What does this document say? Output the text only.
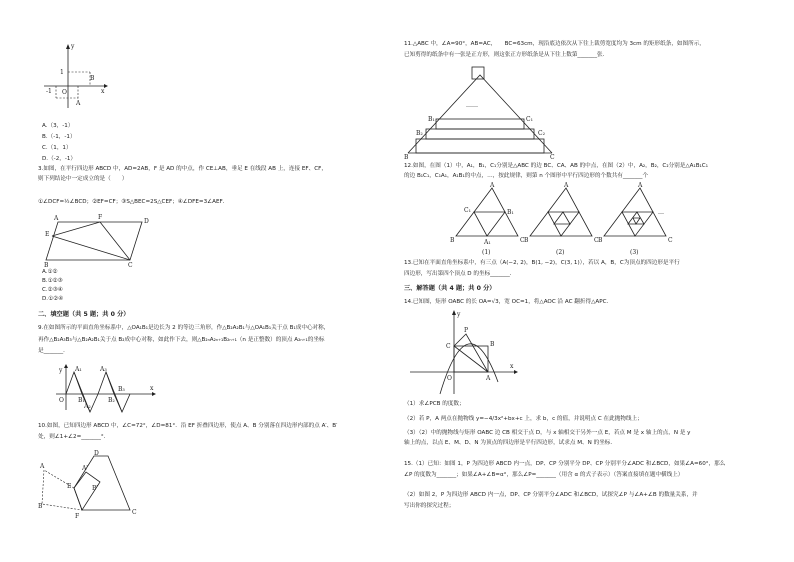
y
x
B
O
A
-1
1
A.（3，-1）
B.（-1，-1）
C.（1，1）
D.（-2，-1）
3.如图，在平行四边形 ABCD 中，AD=2AB，F 是 AD 的中点，作 CE⊥AB，垂足 E 在线段 AB 上，连接 EF、CF，
则下列结论中一定成立的是（　　）
①∠DCF=½∠BCD；②EF=CF；③S△BEC=2S△CEF；④∠DFE=3∠AEF．
A	F
D
E
B	C
A.①②
B.①②③
C.②③④
D.①②④
二、填空题（共 5 题；共 0 分）
9.在如图所示的平面直角坐标系中，△OA₁B₁是边长为 2 的等边三角形，作△B₂A₂B₁与△OA₁B₁关于点 B₁成中心对称，
再作△B₂A₃B₃与△B₂A₂B₁关于点 B₂成中心对称，如此作下去，则△B₂ₙA₂ₙ₊₁B₂ₙ₊₁（n 是正整数）的顶点 A₂ₙ₊₁的坐标
是_______．
y
x
O
A₁
A₂
A₃
B₁	B₂
B₃
10.如图，已知四边形 ABCD 中，∠C=72°，∠D=81°．沿 EF 折叠四边形，使点 A、B 分别落在四边形内部的点 A′、B′
处，则∠1+∠2=_______°．
A
B
E
F
D
C
A′
B′
11.△ABC 中，∠A=90°，AB=AC，　　BC=63cm，现沿底边依次从下往上裁剪宽度均为 3cm 的矩形纸条，如图所示，
已知剪得的纸条中有一张是正方形，则这张正方形纸条是从下往上数第_______张．
……
B₁
B₂
C₁
C₂
B	C
12.如图，在图（1）中，A₁，B₁，C₁分别是△ABC 的边 BC、CA、AB 的中点，在图（2）中，A₂，B₂，C₂分别是△A₁B₁C₁
的边 B₁C₁，C₁A₁，A₁B₁的中点，…，按此规律，则第 n 个图形中平行四边形的个数共有_______个
A
B	C
C₁	B₁
A₁
A
B	C
A
B	C
…
(1)	(2)	(3)
13.已知在平面直角坐标系中，有三点（A(−2, 2)，B(1, −2)，C(3, 1)），若以 A，B，C为顶点的四边形是平行
四边形，写出第四个顶点 D 的坐标_______．
三、解答题（共 4 题；共 0 分）
14.已知图，矩形 OABC 的长 OA=√3，宽 OC=1，将△AOC 沿 AC 翻折得△APC．
y
x
C
P
B
A
O
（1）求∠PCB 的度数；
（2）若 P，A 两点在抛物线 y=−4/3x²+bx+c 上，求 b，c 的值，并说明点 C 在此抛物线上；
（3）（2）中的抛物线与矩形 OABC 边 CB 相交于点 D，与 x 轴相交于另外一点 E，若点 M 是 x 轴上的点，N 是 y
轴上的点，以点 E、M、D、N 为顶点的四边形是平行四边形，试求点 M、N 的坐标．
15.（1）已知：如图 1，P 为四边形 ABCD 内一点，DP、CP 分别平分 DP、CP 分别平分∠ADC 和∠BCD，如果∠A=60°，那么
∠P 的度数为_______；如果∠A+∠B=α°，那么∠P=_______（用含 α 的式子表示）（答案直接填在题中横线上）
（2）如图 2，P 为四边形 ABCD 内一点，DP、CP 分别平分∠ADC 和∠BCD，试探究∠P 与∠A+∠B 的数量关系，并
写出你的探究过程；
